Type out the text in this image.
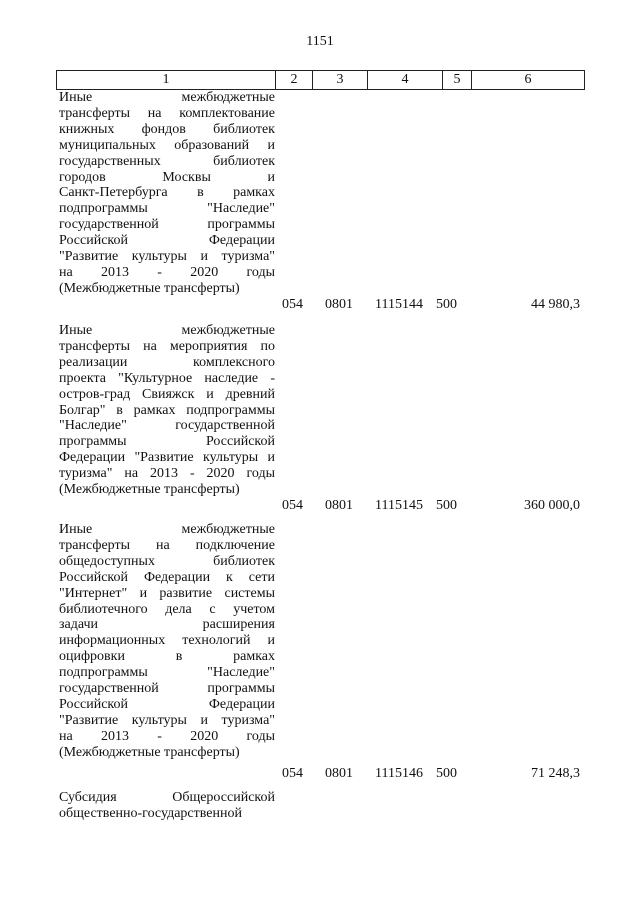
1151
1	2	3	4	5	6
Иные межбюджетные
трансферты на комплектование
книжных фондов библиотек
муниципальных образований и
государственных библиотек
городов Москвы и
Санкт-Петербурга в рамках
подпрограммы "Наследие"
государственной программы
Российской Федерации
"Развитие культуры и туризма"
на 2013 - 2020 годы
(Межбюджетные трансферты)
054 0801 1115144 500	44 980,3
Иные межбюджетные
трансферты на мероприятия по
реализации комплексного
проекта "Культурное наследие -
остров-град Свияжск и древний
Болгар" в рамках подпрограммы
"Наследие" государственной
программы Российской
Федерации "Развитие культуры и
туризма" на 2013 - 2020 годы
(Межбюджетные трансферты)
054 0801 1115145 500	360 000,0
Иные межбюджетные
трансферты на подключение
общедоступных библиотек
Российской Федерации к сети
"Интернет" и развитие системы
библиотечного дела с учетом
задачи расширения
информационных технологий и
оцифровки в рамках
подпрограммы "Наследие"
государственной программы
Российской Федерации
"Развитие культуры и туризма"
на 2013 - 2020 годы
(Межбюджетные трансферты)
054 0801 1115146 500	71 248,3
Субсидия Общероссийской
общественно-государственной
